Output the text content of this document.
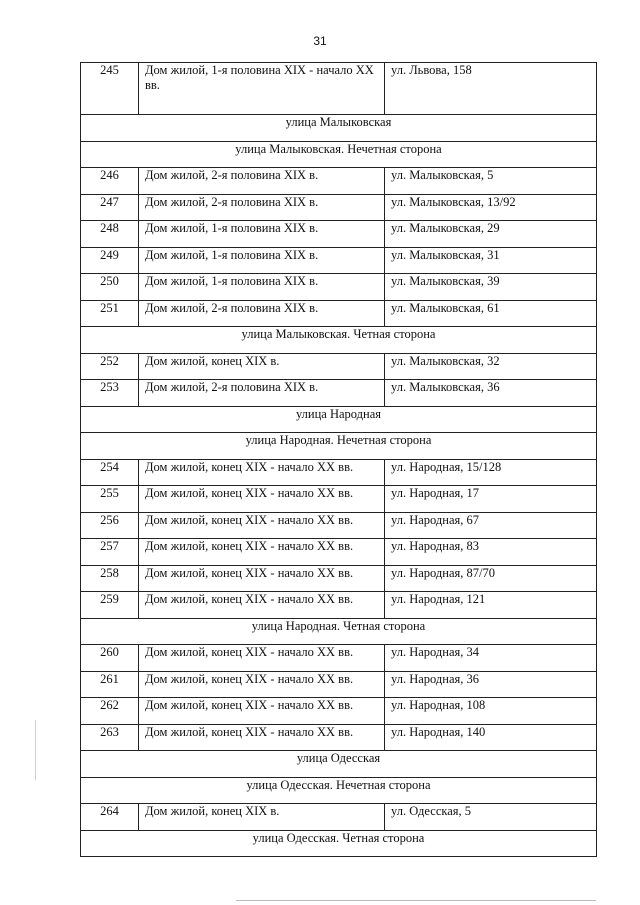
31
245	Дом жилой, 1-я половина XIX - начало XX вв.	ул. Львова, 158
улица Малыковская		
улица Малыковская. Нечетная сторона		
246	Дом жилой, 2-я половина XIX в.	ул. Малыковская, 5
247	Дом жилой, 2-я половина XIX в.	ул. Малыковская, 13/92
248	Дом жилой, 1-я половина XIX в.	ул. Малыковская, 29
249	Дом жилой, 1-я половина XIX в.	ул. Малыковская, 31
250	Дом жилой, 1-я половина XIX в.	ул. Малыковская, 39
251	Дом жилой, 2-я половина XIX в.	ул. Малыковская, 61
улица Малыковская. Четная сторона		
252	Дом жилой, конец XIX в.	ул. Малыковская, 32
253	Дом жилой, 2-я половина XIX в.	ул. Малыковская, 36
улица Народная		
улица Народная. Нечетная сторона		
254	Дом жилой, конец XIX - начало XX вв.	ул. Народная, 15/128
255	Дом жилой, конец XIX - начало XX вв.	ул. Народная, 17
256	Дом жилой, конец XIX - начало XX вв.	ул. Народная, 67
257	Дом жилой, конец XIX - начало XX вв.	ул. Народная, 83
258	Дом жилой, конец XIX - начало XX вв.	ул. Народная, 87/70
259	Дом жилой, конец XIX - начало XX вв.	ул. Народная, 121
улица Народная. Четная сторона		
260	Дом жилой, конец XIX - начало XX вв.	ул. Народная, 34
261	Дом жилой, конец XIX - начало XX вв.	ул. Народная, 36
262	Дом жилой, конец XIX - начало XX вв.	ул. Народная, 108
263	Дом жилой, конец XIX - начало XX вв.	ул. Народная, 140
улица Одесская		
улица Одесская. Нечетная сторона		
264	Дом жилой, конец XIX в.	ул. Одесская, 5
улица Одесская. Четная сторона		
